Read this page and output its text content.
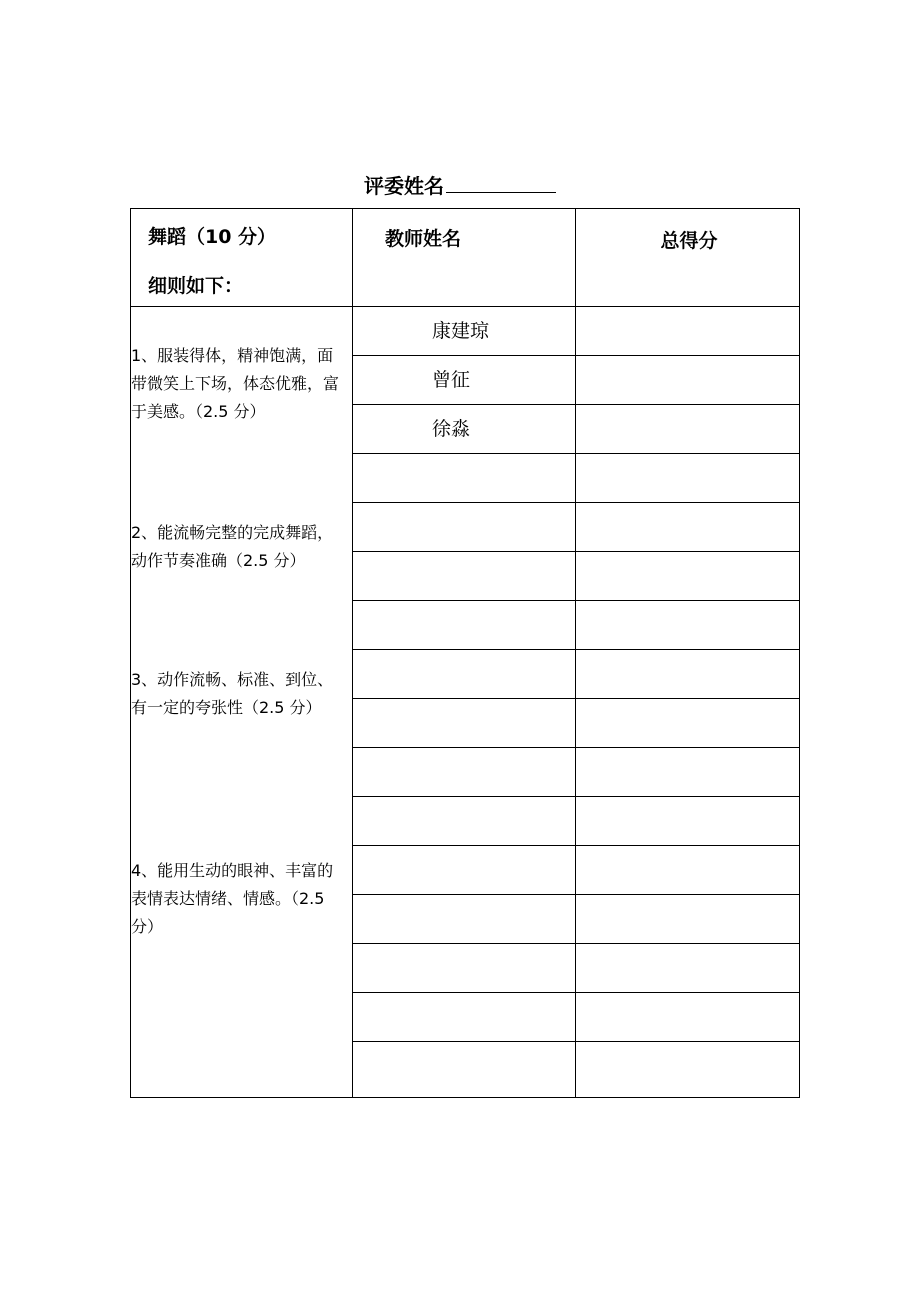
评委姓名
舞蹈（10 分）
细则如下：
教师姓名	总得分
1、服装得体，精神饱满，面带微笑上下场，体态优雅，富于美感。（2.5 分）
2、能流畅完整的完成舞蹈，动作节奏准确（2.5 分）
3、动作流畅、标准、到位、有一定的夸张性（2.5 分）
4、能用生动的眼神、丰富的表情表达情绪、情感。（2.5 分）
康建琼
曾征
徐淼
